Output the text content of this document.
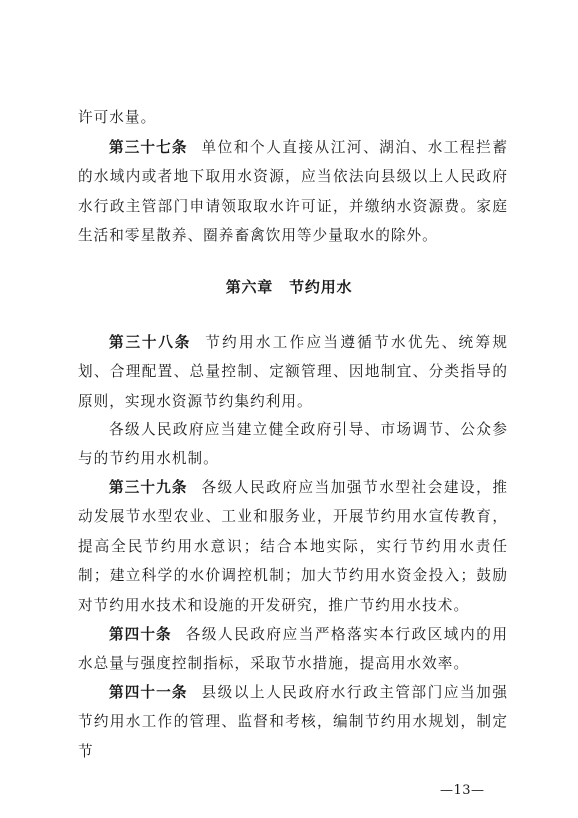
许可水量。

第三十七条 单位和个人直接从江河、湖泊、水工程拦蓄的水域内或者地下取用水资源，应当依法向县级以上人民政府水行政主管部门申请领取取水许可证，并缴纳水资源费。家庭生活和零星散养、圈养畜禽饮用等少量取水的除外。

第六章 节约用水

第三十八条 节约用水工作应当遵循节水优先、统筹规划、合理配置、总量控制、定额管理、因地制宜、分类指导的原则，实现水资源节约集约利用。

各级人民政府应当建立健全政府引导、市场调节、公众参与的节约用水机制。

第三十九条 各级人民政府应当加强节水型社会建设，推动发展节水型农业、工业和服务业，开展节约用水宣传教育，提高全民节约用水意识；结合本地实际，实行节约用水责任制；建立科学的水价调控机制；加大节约用水资金投入；鼓励对节约用水技术和设施的开发研究，推广节约用水技术。

第四十条 各级人民政府应当严格落实本行政区域内的用水总量与强度控制指标，采取节水措施，提高用水效率。

第四十一条 县级以上人民政府水行政主管部门应当加强节约用水工作的管理、监督和考核，编制节约用水规划，制定节

—13—
